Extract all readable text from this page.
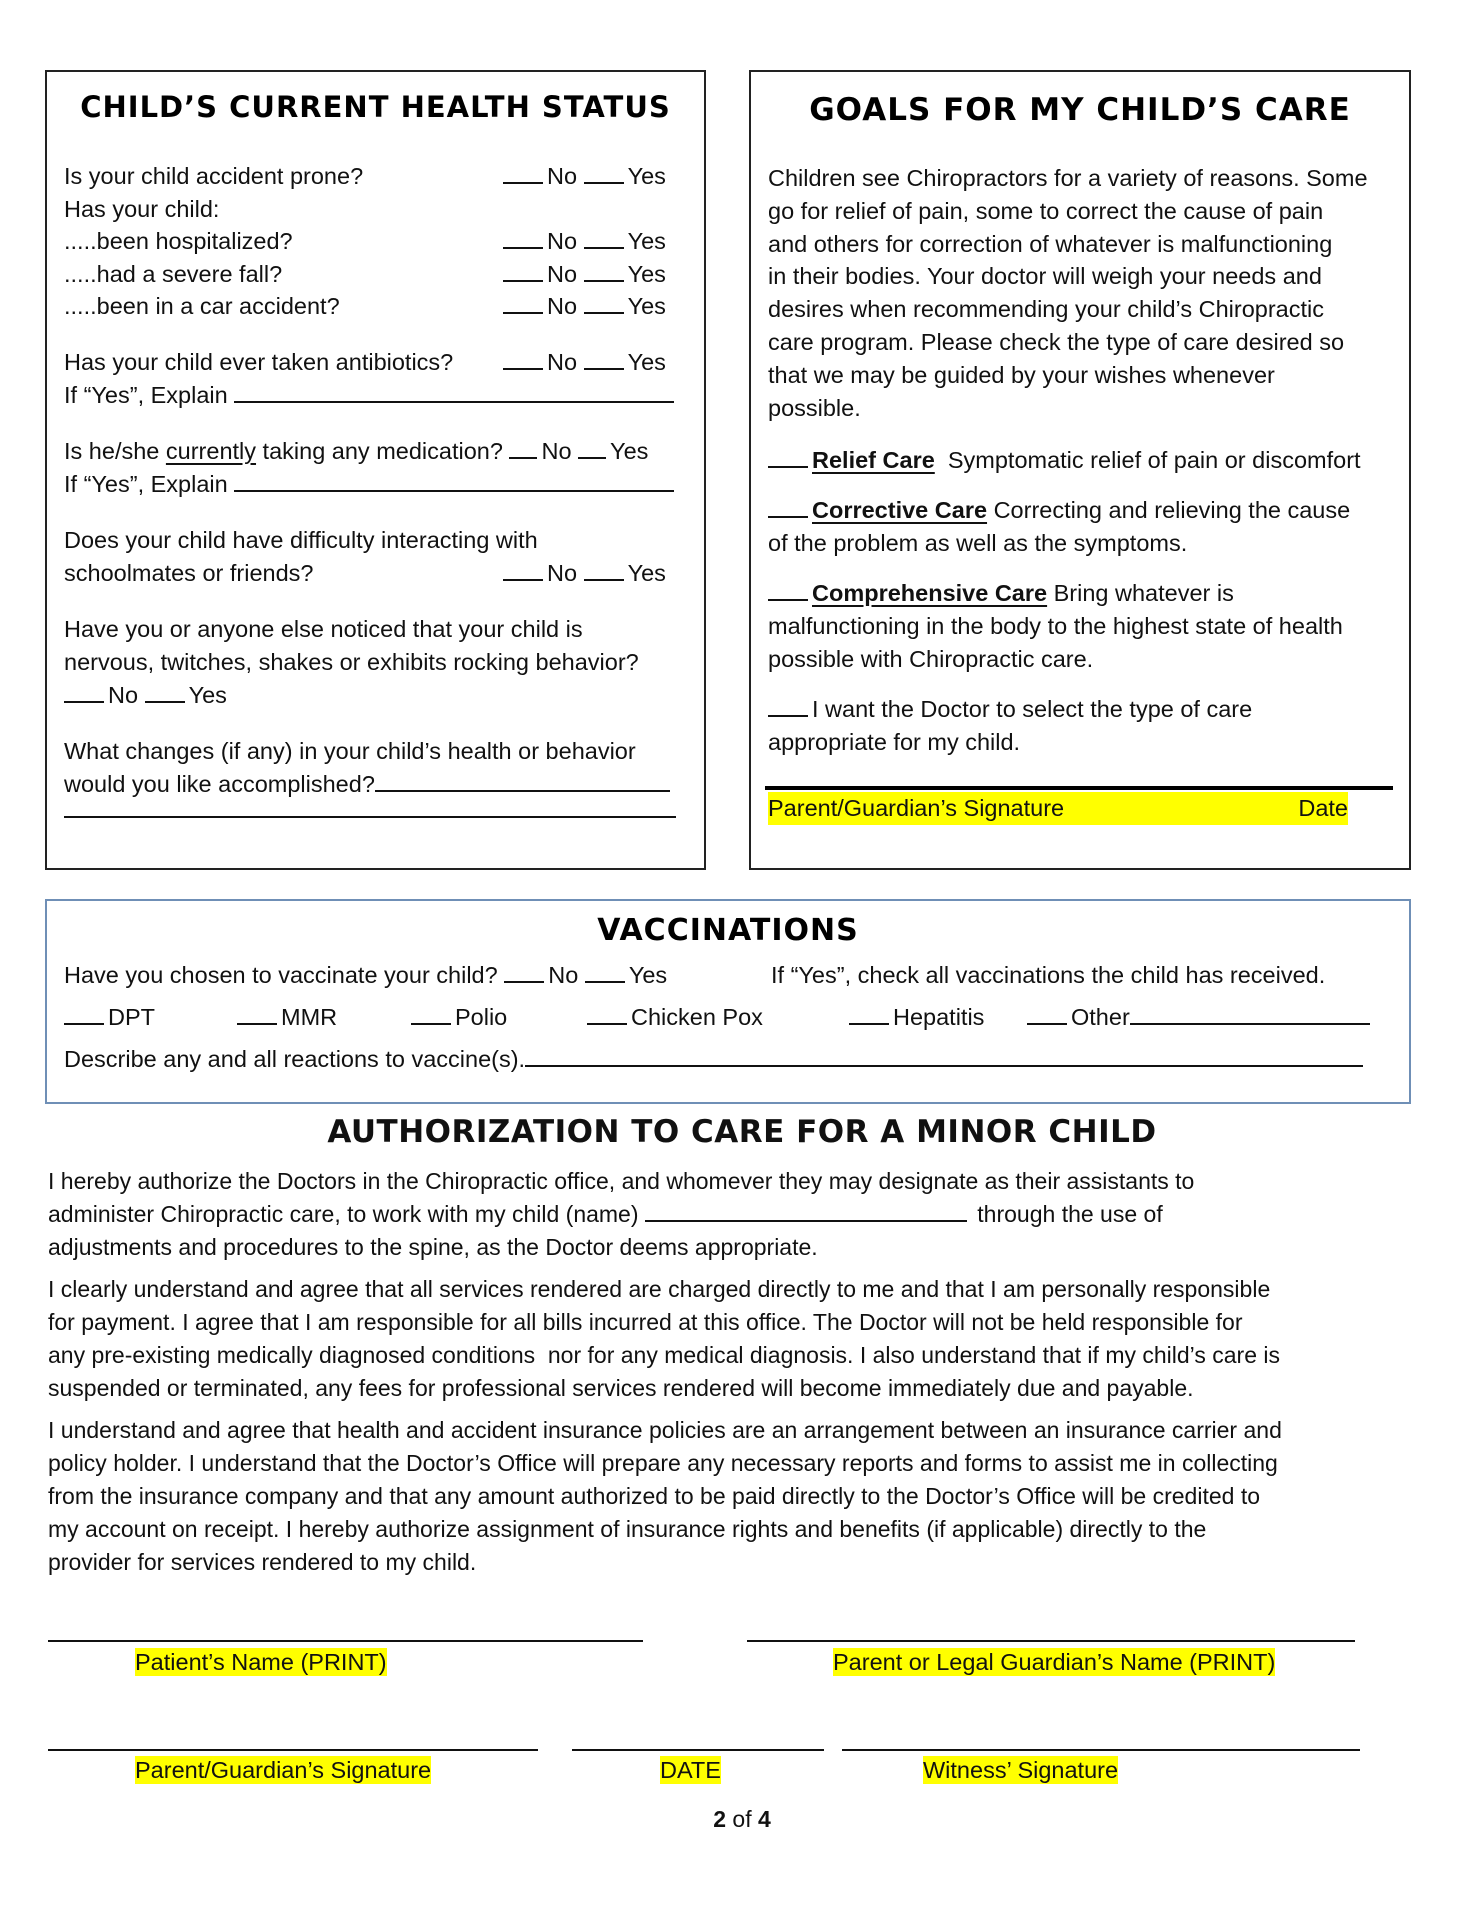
CHILD’S CURRENT HEALTH STATUS
Is your child accident prone?	No Yes
Has your child:
.....been hospitalized?	No Yes
.....had a severe fall?	No Yes
.....been in a car accident?	No Yes
Has your child ever taken antibiotics?	No Yes
If “Yes”, Explain
Is he/she currently taking any medication? No Yes
If “Yes”, Explain
Does your child have difficulty interacting with
schoolmates or friends?	No Yes
Have you or anyone else noticed that your child is
nervous, twitches, shakes or exhibits rocking behavior?
No Yes
What changes (if any) in your child’s health or behavior
would you like accomplished?
GOALS FOR MY CHILD’S CARE
Children see Chiropractors for a variety of reasons. Some
go for relief of pain, some to correct the cause of pain
and others for correction of whatever is malfunctioning
in their bodies. Your doctor will weigh your needs and
desires when recommending your child’s Chiropractic
care program. Please check the type of care desired so
that we may be guided by your wishes whenever
possible.
Relief Care Symptomatic relief of pain or discomfort
Corrective Care Correcting and relieving the cause
of the problem as well as the symptoms.
Comprehensive Care Bring whatever is
malfunctioning in the body to the highest state of health
possible with Chiropractic care.
I want the Doctor to select the type of care
appropriate for my child.
Parent/Guardian’s Signature	Date
VACCINATIONS
Have you chosen to vaccinate your child? No Yes	If “Yes”, check all vaccinations the child has received.
DPT	MMR	Polio	Chicken Pox	Hepatitis	Other
Describe any and all reactions to vaccine(s).
AUTHORIZATION TO CARE FOR A MINOR CHILD
I hereby authorize the Doctors in the Chiropractic office, and whomever they may designate as their assistants to
administer Chiropractic care, to work with my child (name)	through the use of
adjustments and procedures to the spine, as the Doctor deems appropriate.
I clearly understand and agree that all services rendered are charged directly to me and that I am personally responsible
for payment. I agree that I am responsible for all bills incurred at this office. The Doctor will not be held responsible for
any pre-existing medically diagnosed conditions  nor for any medical diagnosis. I also understand that if my child’s care is
suspended or terminated, any fees for professional services rendered will become immediately due and payable.
I understand and agree that health and accident insurance policies are an arrangement between an insurance carrier and
policy holder. I understand that the Doctor’s Office will prepare any necessary reports and forms to assist me in collecting
from the insurance company and that any amount authorized to be paid directly to the Doctor’s Office will be credited to
my account on receipt. I hereby authorize assignment of insurance rights and benefits (if applicable) directly to the
provider for services rendered to my child.
Patient’s Name (PRINT)	Parent or Legal Guardian’s Name (PRINT)
Parent/Guardian’s Signature	DATE	Witness’ Signature
2 of 4
